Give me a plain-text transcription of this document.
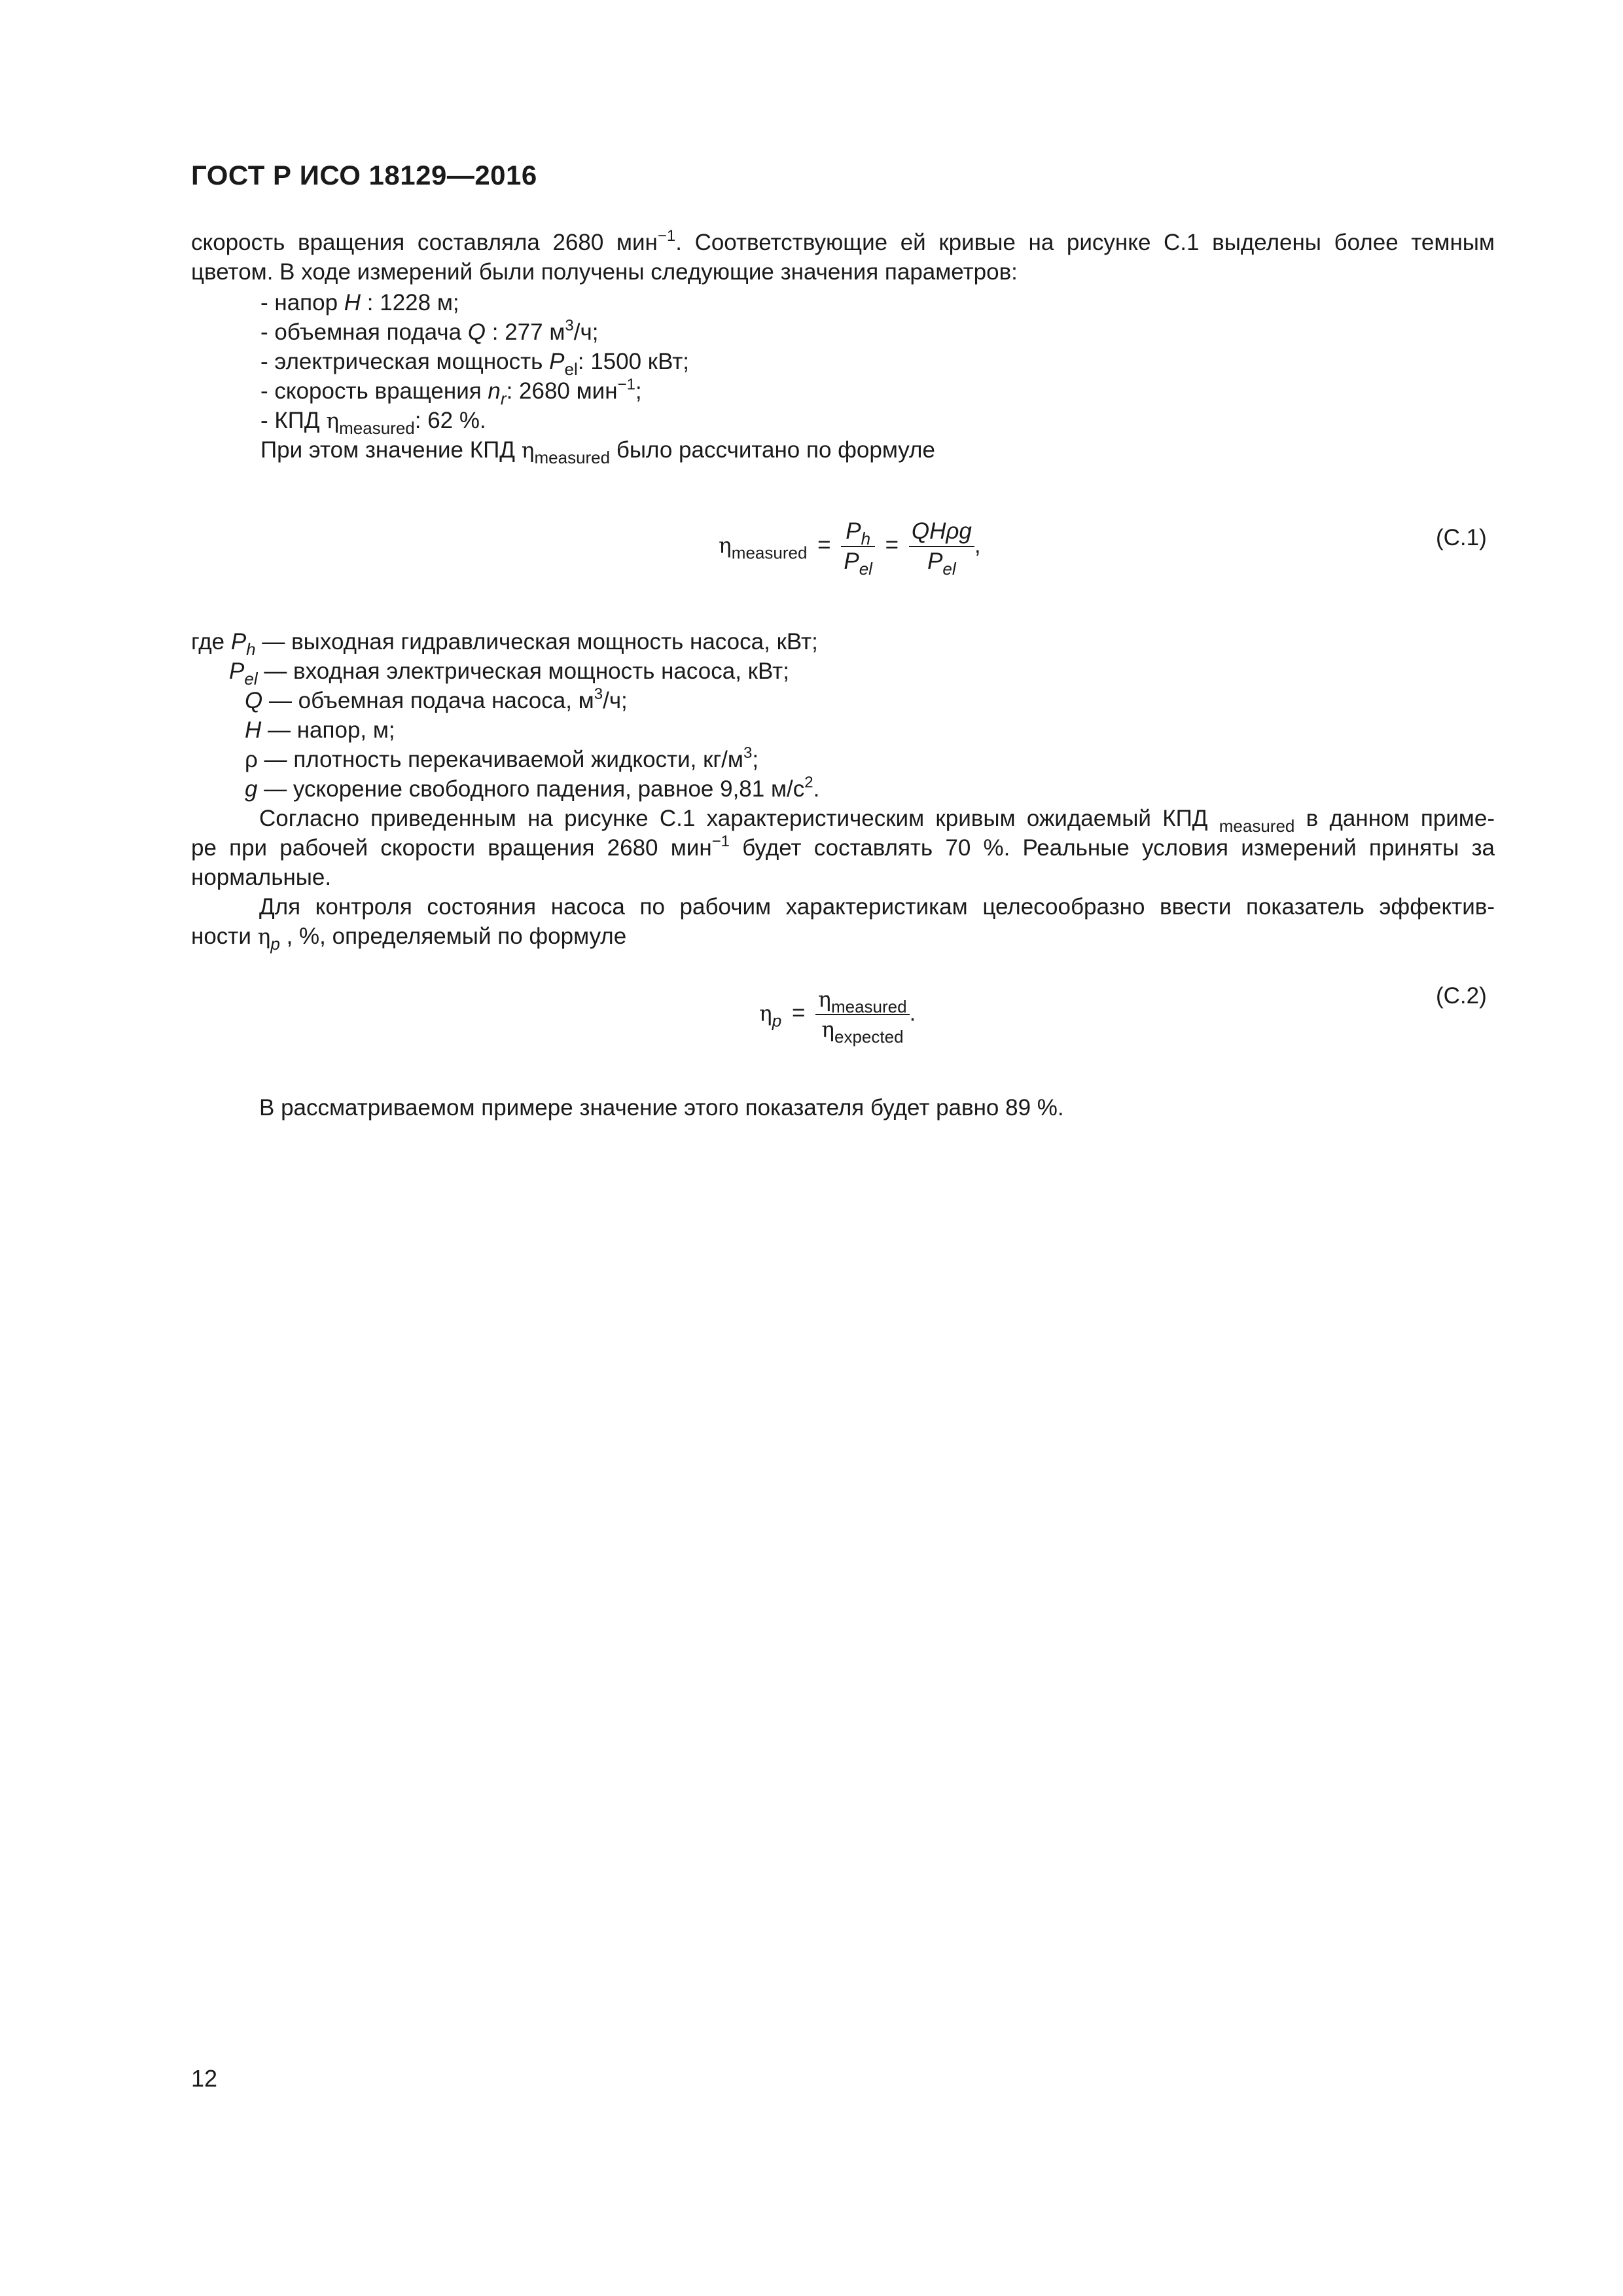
ГОСТ Р ИСО 18129—2016

скорость вращения составляла 2680 мин$^{-1}$. Соответствующие ей кривые на рисунке С.1 выделены более темным

цветом. В ходе измерений были получены следующие значения параметров:

- напор H : 1228 м;
- объемная подача Q : 277 $м^3/ч$;
- электрическая мощность $P_{el}$: 1500 кВт;
- скорость вращения $n_r$: 2680 мин$^{-1}$;
- КПД $\eta_{measured}$: 62 %.
При этом значение КПД $\eta_{measured}$ было рассчитано по формуле
$\eta_{measured} = \frac{P_h}{P_{el}} = \frac{\text{QHρg}}{P_{el}}$ ,	(С.1)
где $P_h$ — выходная гидравлическая мощность насоса, кВт;
$P_{el}$ — входная электрическая мощность насоса, кВт;
Q — объемная подача насоса, $м^3/ч$;
H — напор, м;
ρ — плотность перекачиваемой жидкости, $кг/м^3$;
g — ускорение свободного падения, равное 9,81 $м/с^2$.

Согласно приведенным на рисунке С.1 характеристическим кривым ожидаемый КПД $_{measured}$ в данном приме-

ре при рабочей скорости вращения 2680 мин$^{-1}$ будет составлять 70 %. Реальные условия измерений приняты за

нормальные.

Для контроля состояния насоса по рабочим характеристикам целесообразно ввести показатель эффектив-

ности $\eta_p$ , %, определяемый по формуле

$\eta_p = \frac{\eta_{measured}}{\eta_{expected}}$ .
(С.2)
В рассматриваемом примере значение этого показателя будет равно 89 %.
12
